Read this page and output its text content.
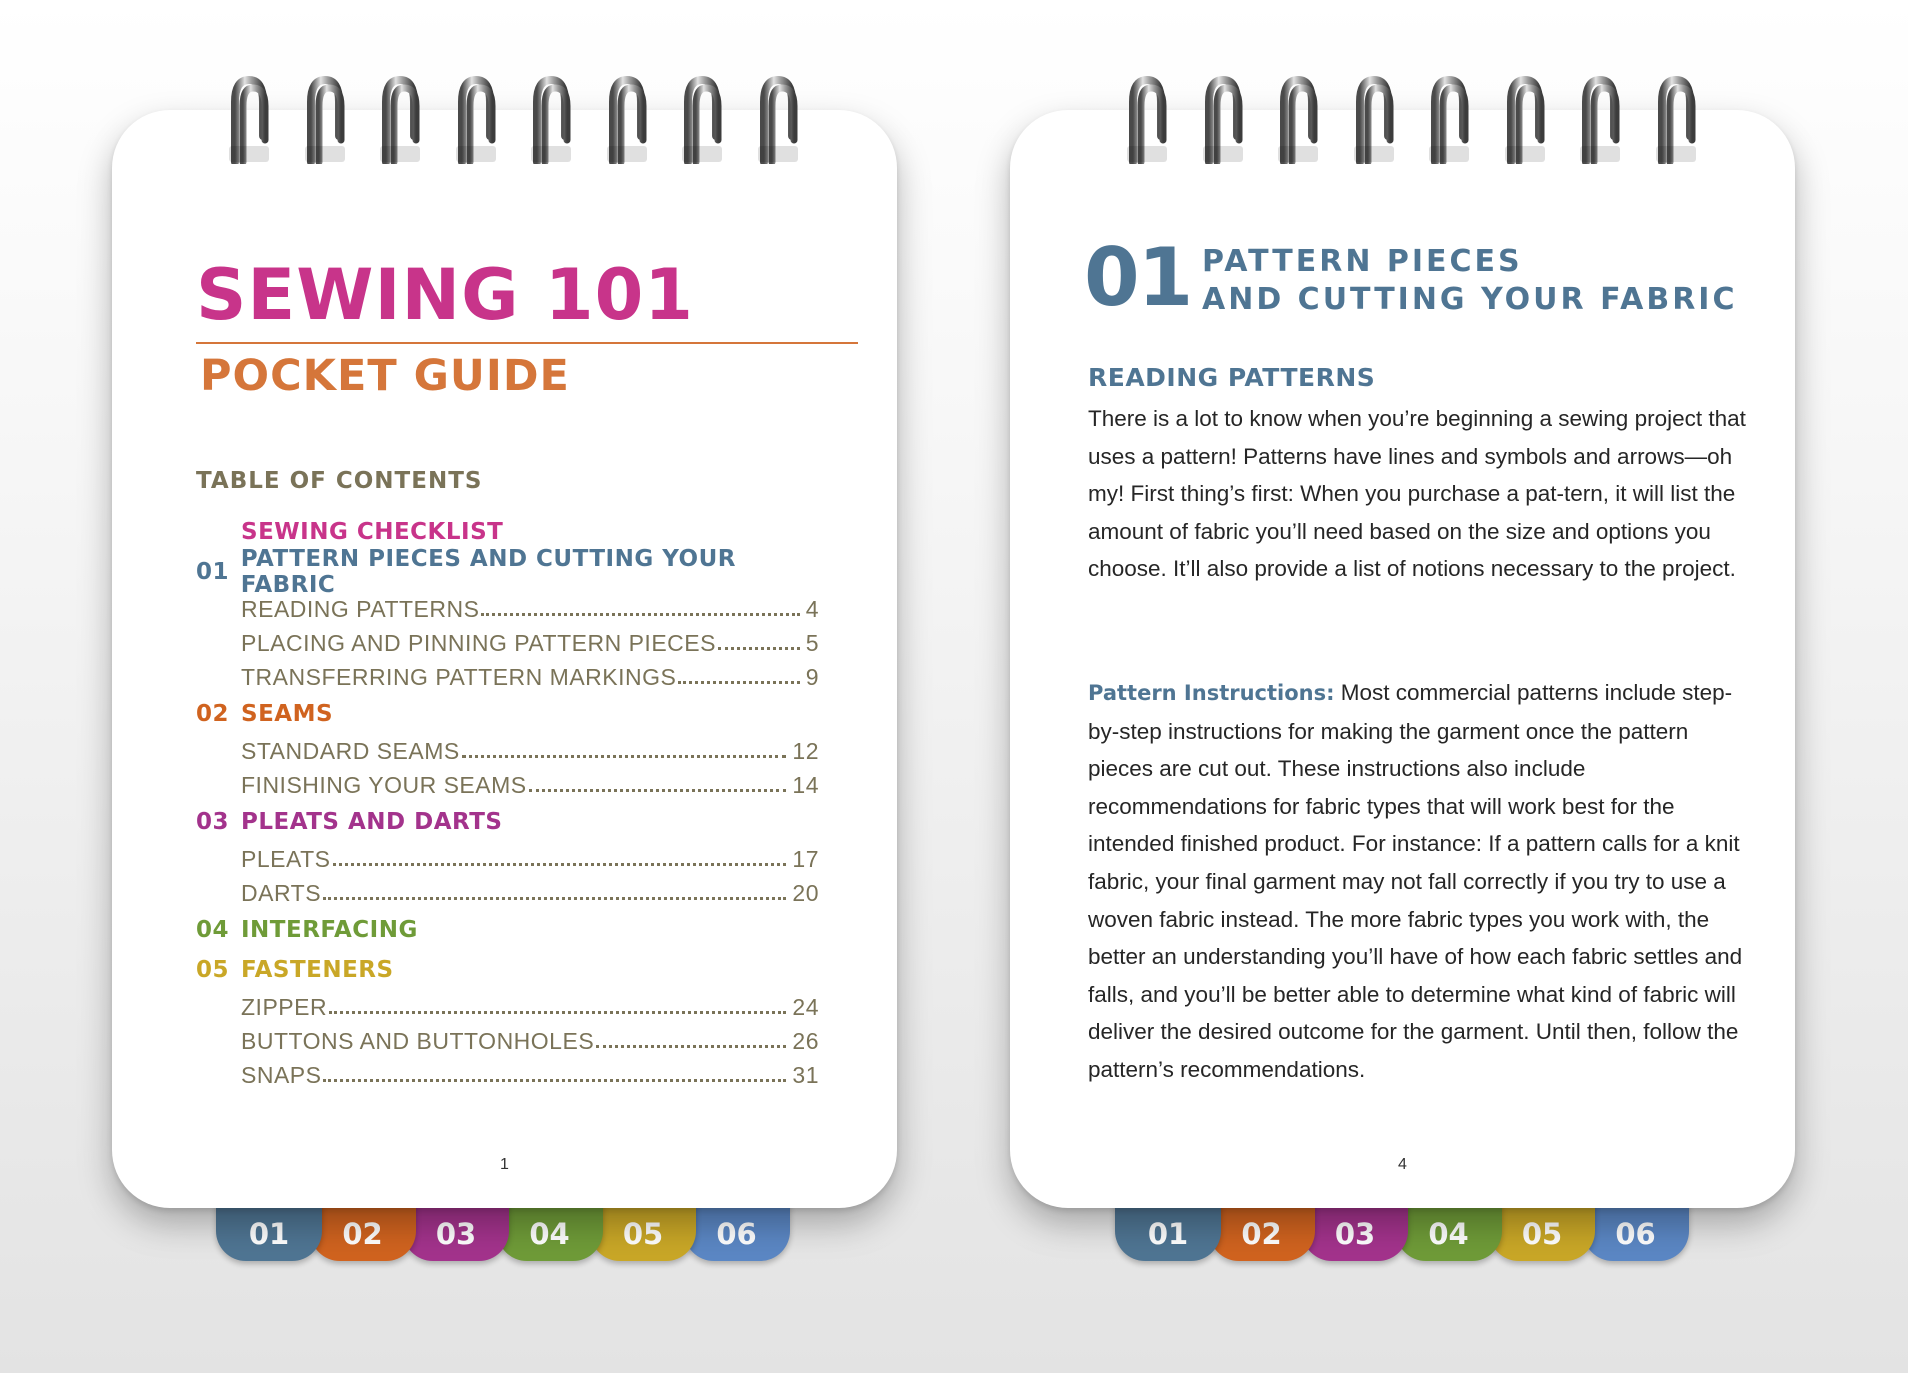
01	02	03	04	05	06
SEWING 101
POCKET GUIDE
TABLE OF CONTENTS
SEWING CHECKLIST
01 PATTERN PIECES AND CUTTING YOUR FABRIC
READING PATTERNS	4
PLACING AND PINNING PATTERN PIECES	5
TRANSFERRING PATTERN MARKINGS	9
02 SEAMS
STANDARD SEAMS	12
FINISHING YOUR SEAMS	14
03 PLEATS AND DARTS
PLEATS	17
DARTS	20
04 INTERFACING
05 FASTENERS
ZIPPER	24
BUTTONS AND BUTTONHOLES	26
SNAPS	31
1
01	02	03	04	05	06
01 PATTERN PIECES
AND CUTTING YOUR FABRIC
READING PATTERNS
There is a lot to know when you’re beginning a sewing project that uses a pattern! Patterns have lines and symbols and arrows—oh my! First thing’s first: When you purchase a pat-tern, it will list the amount of fabric you’ll need based on the size and options you choose. It’ll also provide a list of notions necessary to the project.
Pattern Instructions: Most commercial patterns include step-by-step instructions for making the garment once the pattern pieces are cut out. These instructions also include recommendations for fabric types that will work best for the intended finished product. For instance: If a pattern calls for a knit fabric, your final garment may not fall correctly if you try to use a woven fabric instead. The more fabric types you work with, the better an understanding you’ll have of how each fabric settles and falls, and you’ll be better able to determine what kind of fabric will deliver the desired outcome for the garment. Until then, follow the pattern’s recommendations.
4
